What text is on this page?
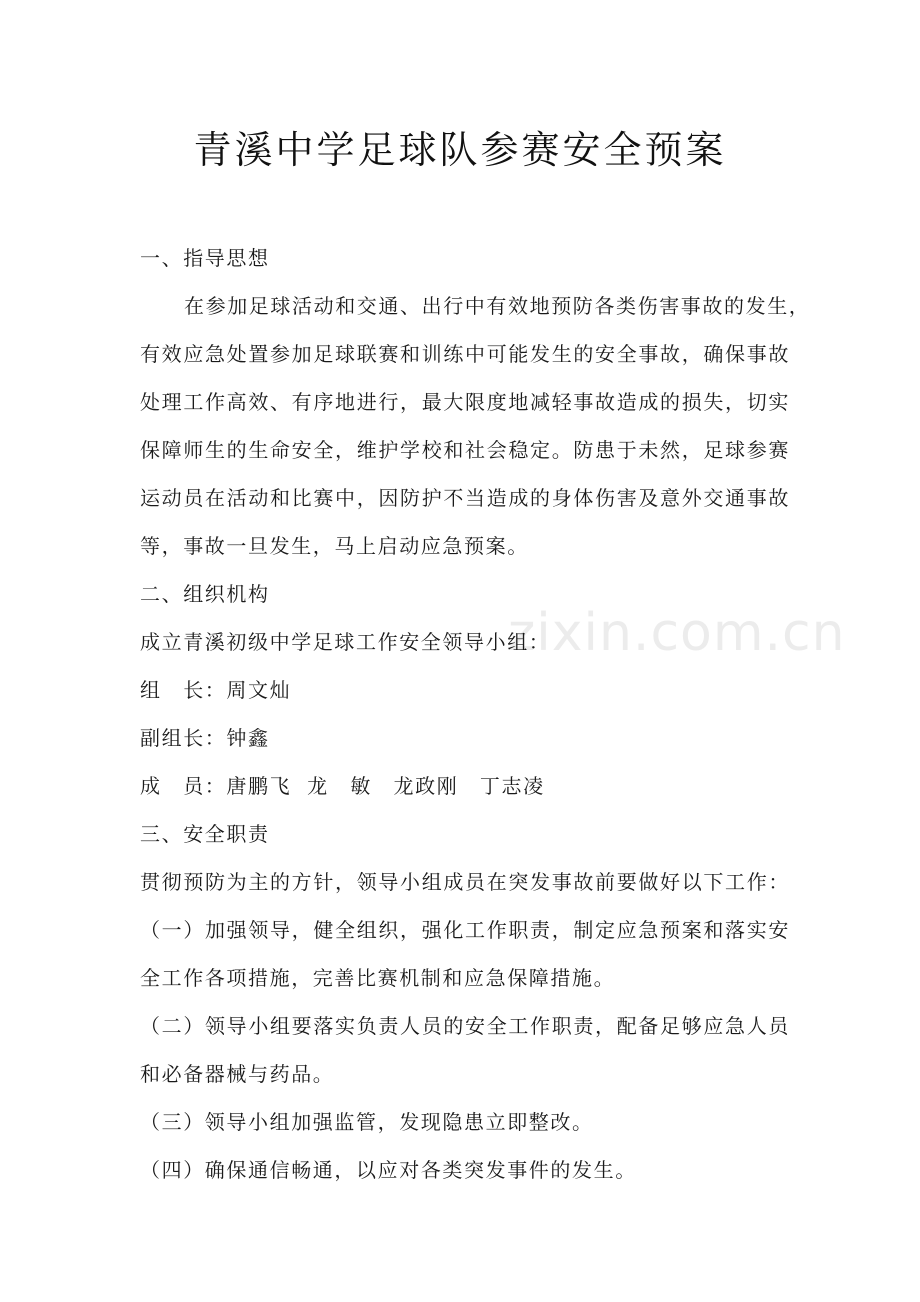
zixin.com.cn
青溪中学足球队参赛安全预案

一、指导思想

在参加足球活动和交通、出行中有效地预防各类伤害事故的发生，

有效应急处置参加足球联赛和训练中可能发生的安全事故，确保事故

处理工作高效、有序地进行，最大限度地减轻事故造成的损失，切实

保障师生的生命安全，维护学校和社会稳定。防患于未然，足球参赛

运动员在活动和比赛中，因防护不当造成的身体伤害及意外交通事故

等，事故一旦发生，马上启动应急预案。

二、组织机构

成立青溪初级中学足球工作安全领导小组：

组　长：周文灿

副组长：钟鑫

成　员：唐鹏飞  龙　敏　龙政刚　丁志凌

三、安全职责

贯彻预防为主的方针，领导小组成员在突发事故前要做好以下工作：

（一）加强领导，健全组织，强化工作职责，制定应急预案和落实安

全工作各项措施，完善比赛机制和应急保障措施。

（二）领导小组要落实负责人员的安全工作职责，配备足够应急人员

和必备器械与药品。

（三）领导小组加强监管，发现隐患立即整改。

（四）确保通信畅通，以应对各类突发事件的发生。
